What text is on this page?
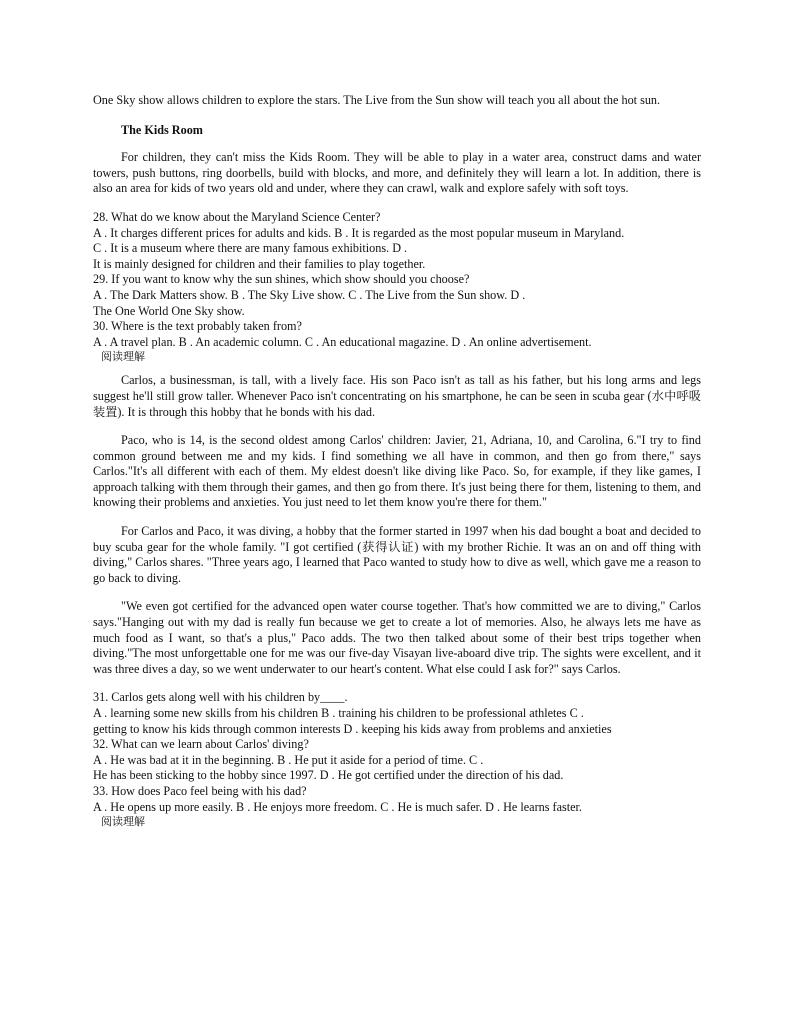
One Sky show allows children to explore the stars. The Live from the Sun show will teach you all about the hot sun.

The Kids Room

For children, they can't miss the Kids Room. They will be able to play in a water area, construct dams and water towers, push buttons, ring doorbells, build with blocks, and more, and definitely they will learn a lot. In addition, there is also an area for kids of two years old and under, where they can crawl, walk and explore safely with soft toys.

28. What do we know about the Maryland Science Center?

A . It charges different prices for adults and kids. B . It is regarded as the most popular museum in Maryland.

C . It is a museum where there are many famous exhibitions. D .

It is mainly designed for children and their families to play together.

29. If you want to know why the sun shines, which show should you choose?

A . The Dark Matters show. B . The Sky Live show. C . The Live from the Sun show. D .

The One World One Sky show.

30. Where is the text probably taken from?

A . A travel plan. B . An academic column. C . An educational magazine. D . An online advertisement.

阅读理解

Carlos, a businessman, is tall, with a lively face. His son Paco isn't as tall as his father, but his long arms and legs suggest he'll still grow taller. Whenever Paco isn't concentrating on his smartphone, he can be seen in scuba gear (水中呼吸装置). It is through this hobby that he bonds with his dad.

Paco, who is 14, is the second oldest among Carlos' children: Javier, 21, Adriana, 10, and Carolina, 6."I try to find common ground between me and my kids. I find something we all have in common, and then go from there," says Carlos."It's all different with each of them. My eldest doesn't like diving like Paco. So, for example, if they like games, I approach talking with them through their games, and then go from there. It's just being there for them, listening to them, and knowing their problems and anxieties. You just need to let them know you're there for them."

For Carlos and Paco, it was diving, a hobby that the former started in 1997 when his dad bought a boat and decided to buy scuba gear for the whole family. "I got certified (获得认证) with my brother Richie. It was an on and off thing with diving," Carlos shares. "Three years ago, I learned that Paco wanted to study how to dive as well, which gave me a reason to go back to diving.

"We even got certified for the advanced open water course together. That's how committed we are to diving," Carlos says."Hanging out with my dad is really fun because we get to create a lot of memories. Also, he always lets me have as much food as I want, so that's a plus," Paco adds. The two then talked about some of their best trips together when diving."The most unforgettable one for me was our five-day Visayan live-aboard dive trip. The sights were excellent, and it was three dives a day, so we went underwater to our heart's content. What else could I ask for?" says Carlos.

31. Carlos gets along well with his children by____.

A . learning some new skills from his children B . training his children to be professional athletes C .

getting to know his kids through common interests D . keeping his kids away from problems and anxieties

32. What can we learn about Carlos' diving?

A . He was bad at it in the beginning. B . He put it aside for a period of time. C .

He has been sticking to the hobby since 1997. D . He got certified under the direction of his dad.

33. How does Paco feel being with his dad?

A . He opens up more easily. B . He enjoys more freedom. C . He is much safer. D . He learns faster.

阅读理解
